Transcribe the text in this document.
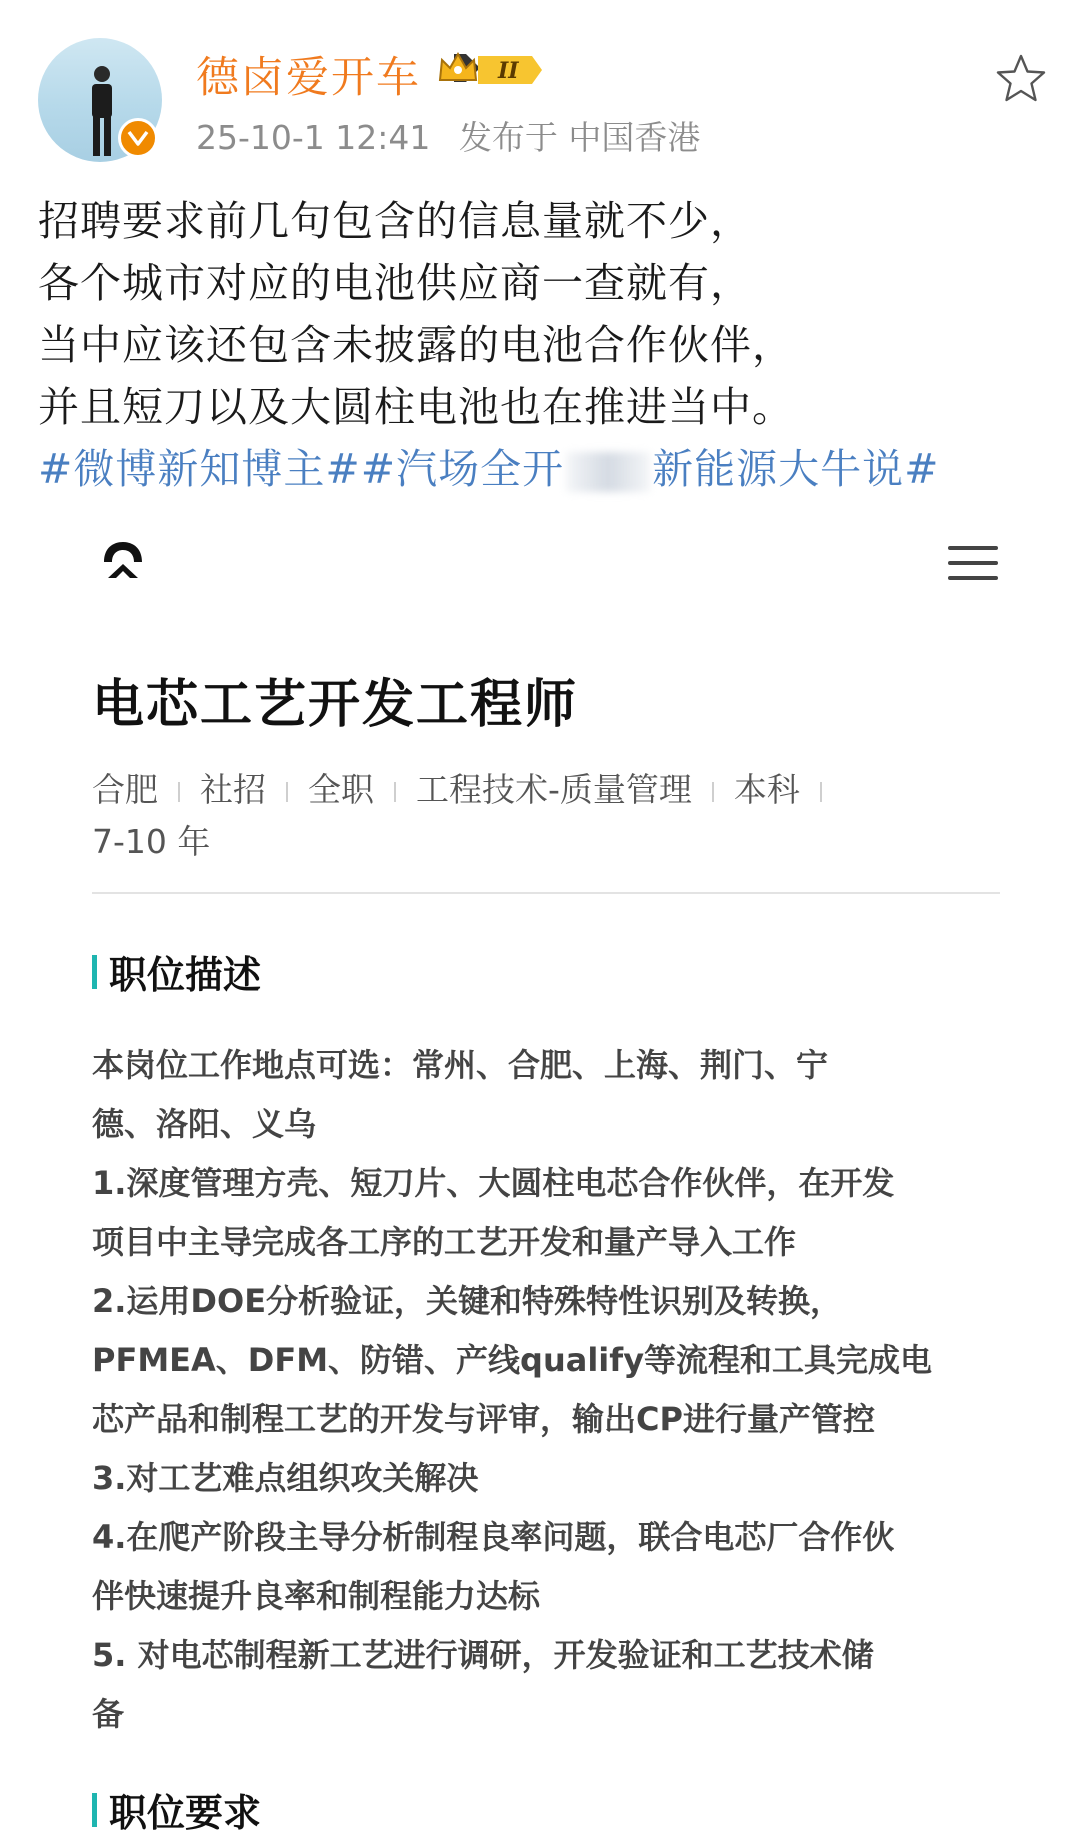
德卤爱开车	II
25-10-1 12:41 发布于 中国香港
招聘要求前几句包含的信息量就不少，
各个城市对应的电池供应商一查就有，
当中应该还包含未披露的电池合作伙伴，
并且短刀以及大圆柱电池也在推进当中。
#微博新知博主##汽场全开 新能源大牛说#
电芯工艺开发工程师
合肥 社招 全职 工程技术-质量管理 本科
7-10 年
职位描述
本岗位工作地点可选：常州、合肥、上海、荆门、宁
德、洛阳、义乌
1.深度管理方壳、短刀片、大圆柱电芯合作伙伴，在开发
项目中主导完成各工序的工艺开发和量产导入工作
2.运用DOE分析验证，关键和特殊特性识别及转换，
PFMEA、DFM、防错、产线qualify等流程和工具完成电
芯产品和制程工艺的开发与评审，输出CP进行量产管控
3.对工艺难点组织攻关解决
4.在爬产阶段主导分析制程良率问题，联合电芯厂合作伙
伴快速提升良率和制程能力达标
5. 对电芯制程新工艺进行调研，开发验证和工艺技术储
备
职位要求
